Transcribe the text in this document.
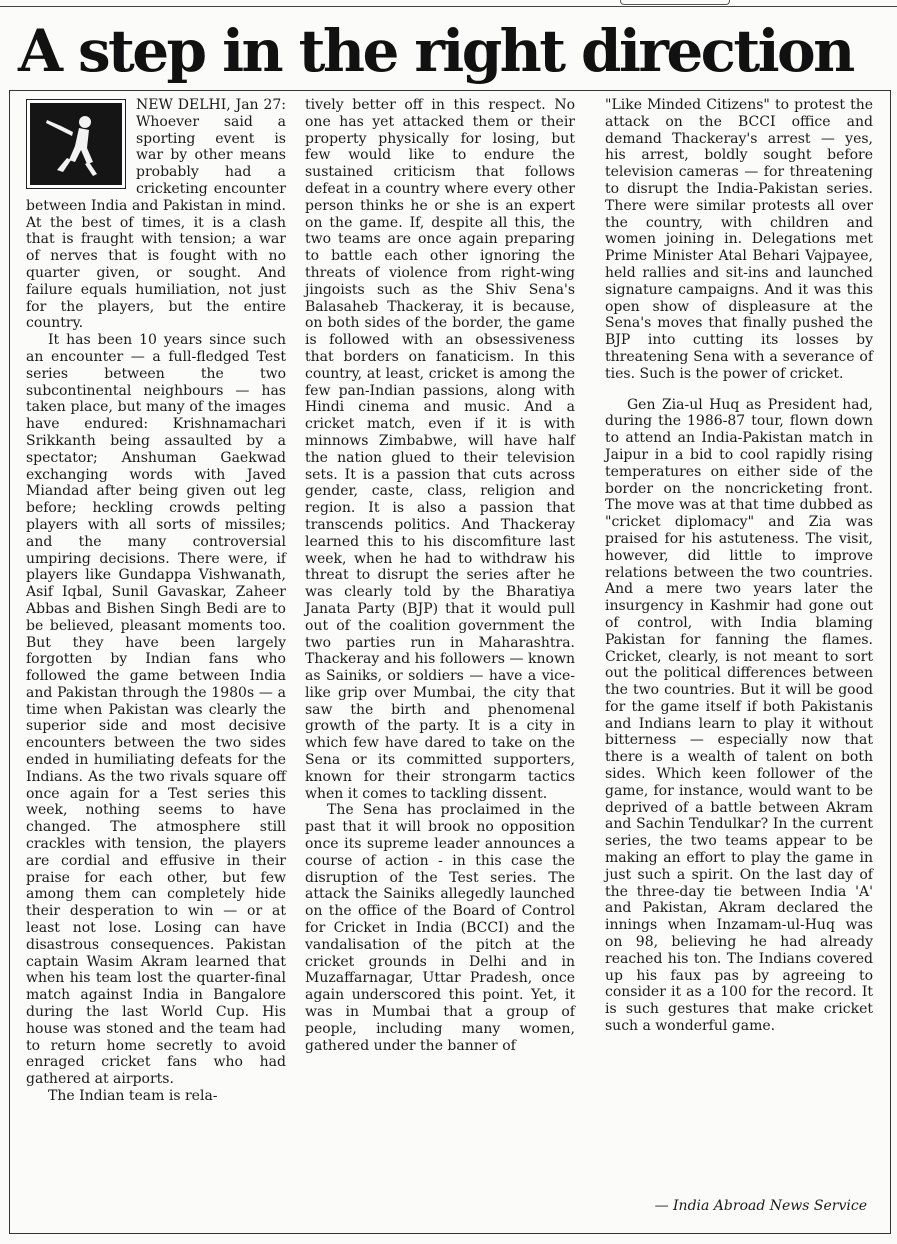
A step in the right direction

NEW DELHI, Jan 27: Whoever said a sporting event is war by other means probably had a cricketing encounter between India and Pakistan in mind. At the best of times, it is a clash that is fraught with tension; a war of nerves that is fought with no quarter given, or sought. And failure equals humiliation, not just for the players, but the entire country.

It has been 10 years since such an encounter — a full-fledged Test series between the two subcontinental neighbours — has taken place, but many of the images have endured: Krishnamachari Srikkanth being assaulted by a spectator; Anshuman Gaekwad exchanging words with Javed Miandad after being given out leg before; heckling crowds pelting players with all sorts of missiles; and the many controversial umpiring decisions. There were, if players like Gundappa Vishwanath, Asif Iqbal, Sunil Gavaskar, Zaheer Abbas and Bishen Singh Bedi are to be believed, pleasant moments too. But they have been largely forgotten by Indian fans who followed the game between India and Pakistan through the 1980s — a time when Pakistan was clearly the superior side and most decisive encounters between the two sides ended in humiliating defeats for the Indians. As the two rivals square off once again for a Test series this week, nothing seems to have changed. The atmosphere still crackles with tension, the players are cordial and effusive in their praise for each other, but few among them can completely hide their desperation to win — or at least not lose. Losing can have disastrous consequences. Pakistan captain Wasim Akram learned that when his team lost the quarter-final match against India in Bangalore during the last World Cup. His house was stoned and the team had to return home secretly to avoid enraged cricket fans who had gathered at airports.

The Indian team is rela-

tively better off in this respect. No one has yet attacked them or their property physically for losing, but few would like to endure the sustained criticism that follows defeat in a country where every other person thinks he or she is an expert on the game. If, despite all this, the two teams are once again preparing to battle each other ignoring the threats of violence from right-wing jingoists such as the Shiv Sena's Balasaheb Thackeray, it is because, on both sides of the border, the game is followed with an obsessiveness that borders on fanaticism. In this country, at least, cricket is among the few pan-Indian passions, along with Hindi cinema and music. And a cricket match, even if it is with minnows Zimbabwe, will have half the nation glued to their television sets. It is a passion that cuts across gender, caste, class, religion and region. It is also a passion that transcends politics. And Thackeray learned this to his discomfiture last week, when he had to withdraw his threat to disrupt the series after he was clearly told by the Bharatiya Janata Party (BJP) that it would pull out of the coalition government the two parties run in Maharashtra. Thackeray and his followers — known as Sainiks, or soldiers — have a vice-like grip over Mumbai, the city that saw the birth and phenomenal growth of the party. It is a city in which few have dared to take on the Sena or its committed supporters, known for their strongarm tactics when it comes to tackling dissent.

The Sena has proclaimed in the past that it will brook no opposition once its supreme leader announces a course of action - in this case the disruption of the Test series. The attack the Sainiks allegedly launched on the office of the Board of Control for Cricket in India (BCCI) and the vandalisation of the pitch at the cricket grounds in Delhi and in Muzaffarnagar, Uttar Pradesh, once again underscored this point. Yet, it was in Mumbai that a group of people, including many women, gathered under the banner of

"Like Minded Citizens" to protest the attack on the BCCI office and demand Thackeray's arrest — yes, his arrest, boldly sought before television cameras — for threatening to disrupt the India-Pakistan series. There were similar protests all over the country, with children and women joining in. Delegations met Prime Minister Atal Behari Vajpayee, held rallies and sit-ins and launched signature campaigns. And it was this open show of displeasure at the Sena's moves that finally pushed the BJP into cutting its losses by threatening Sena with a severance of ties. Such is the power of cricket.

Gen Zia-ul Huq as President had, during the 1986-87 tour, flown down to attend an India-Pakistan match in Jaipur in a bid to cool rapidly rising temperatures on either side of the border on the noncricketing front. The move was at that time dubbed as "cricket diplomacy" and Zia was praised for his astuteness. The visit, however, did little to improve relations between the two countries. And a mere two years later the insurgency in Kashmir had gone out of control, with India blaming Pakistan for fanning the flames. Cricket, clearly, is not meant to sort out the political differences between the two countries. But it will be good for the game itself if both Pakistanis and Indians learn to play it without bitterness — especially now that there is a wealth of talent on both sides. Which keen follower of the game, for instance, would want to be deprived of a battle between Akram and Sachin Tendulkar? In the current series, the two teams appear to be making an effort to play the game in just such a spirit. On the last day of the three-day tie between India 'A' and Pakistan, Akram declared the innings when Inzamam-ul-Huq was on 98, believing he had already reached his ton. The Indians covered up his faux pas by agreeing to consider it as a 100 for the record. It is such gestures that make cricket such a wonderful game.

— India Abroad News Service
